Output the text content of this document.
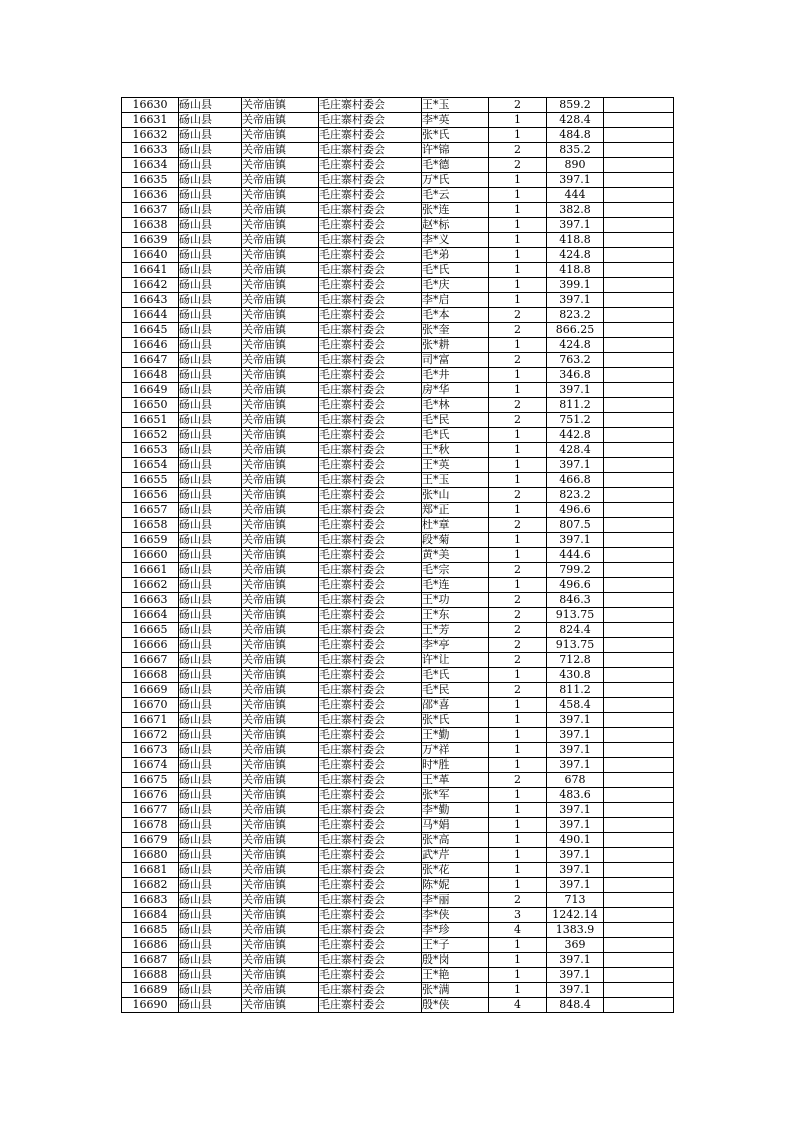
16630	砀山县	关帝庙镇	毛庄寨村委会	王*玉	2	859.2	
16631	砀山县	关帝庙镇	毛庄寨村委会	李*英	1	428.4	
16632	砀山县	关帝庙镇	毛庄寨村委会	张*氏	1	484.8	
16633	砀山县	关帝庙镇	毛庄寨村委会	许*锦	2	835.2	
16634	砀山县	关帝庙镇	毛庄寨村委会	毛*德	2	890	
16635	砀山县	关帝庙镇	毛庄寨村委会	万*氏	1	397.1	
16636	砀山县	关帝庙镇	毛庄寨村委会	毛*云	1	444	
16637	砀山县	关帝庙镇	毛庄寨村委会	张*连	1	382.8	
16638	砀山县	关帝庙镇	毛庄寨村委会	赵*标	1	397.1	
16639	砀山县	关帝庙镇	毛庄寨村委会	李*义	1	418.8	
16640	砀山县	关帝庙镇	毛庄寨村委会	毛*弟	1	424.8	
16641	砀山县	关帝庙镇	毛庄寨村委会	毛*氏	1	418.8	
16642	砀山县	关帝庙镇	毛庄寨村委会	毛*庆	1	399.1	
16643	砀山县	关帝庙镇	毛庄寨村委会	李*启	1	397.1	
16644	砀山县	关帝庙镇	毛庄寨村委会	毛*本	2	823.2	
16645	砀山县	关帝庙镇	毛庄寨村委会	张*奎	2	866.25	
16646	砀山县	关帝庙镇	毛庄寨村委会	张*耕	1	424.8	
16647	砀山县	关帝庙镇	毛庄寨村委会	司*富	2	763.2	
16648	砀山县	关帝庙镇	毛庄寨村委会	毛*井	1	346.8	
16649	砀山县	关帝庙镇	毛庄寨村委会	房*华	1	397.1	
16650	砀山县	关帝庙镇	毛庄寨村委会	毛*林	2	811.2	
16651	砀山县	关帝庙镇	毛庄寨村委会	毛*民	2	751.2	
16652	砀山县	关帝庙镇	毛庄寨村委会	毛*氏	1	442.8	
16653	砀山县	关帝庙镇	毛庄寨村委会	王*秋	1	428.4	
16654	砀山县	关帝庙镇	毛庄寨村委会	王*英	1	397.1	
16655	砀山县	关帝庙镇	毛庄寨村委会	王*玉	1	466.8	
16656	砀山县	关帝庙镇	毛庄寨村委会	张*山	2	823.2	
16657	砀山县	关帝庙镇	毛庄寨村委会	郑*正	1	496.6	
16658	砀山县	关帝庙镇	毛庄寨村委会	杜*章	2	807.5	
16659	砀山县	关帝庙镇	毛庄寨村委会	段*菊	1	397.1	
16660	砀山县	关帝庙镇	毛庄寨村委会	黄*美	1	444.6	
16661	砀山县	关帝庙镇	毛庄寨村委会	毛*宗	2	799.2	
16662	砀山县	关帝庙镇	毛庄寨村委会	毛*连	1	496.6	
16663	砀山县	关帝庙镇	毛庄寨村委会	王*功	2	846.3	
16664	砀山县	关帝庙镇	毛庄寨村委会	王*东	2	913.75	
16665	砀山县	关帝庙镇	毛庄寨村委会	王*芳	2	824.4	
16666	砀山县	关帝庙镇	毛庄寨村委会	李*亭	2	913.75	
16667	砀山县	关帝庙镇	毛庄寨村委会	许*让	2	712.8	
16668	砀山县	关帝庙镇	毛庄寨村委会	毛*氏	1	430.8	
16669	砀山县	关帝庙镇	毛庄寨村委会	毛*民	2	811.2	
16670	砀山县	关帝庙镇	毛庄寨村委会	邵*喜	1	458.4	
16671	砀山县	关帝庙镇	毛庄寨村委会	张*氏	1	397.1	
16672	砀山县	关帝庙镇	毛庄寨村委会	王*勤	1	397.1	
16673	砀山县	关帝庙镇	毛庄寨村委会	万*祥	1	397.1	
16674	砀山县	关帝庙镇	毛庄寨村委会	时*胜	1	397.1	
16675	砀山县	关帝庙镇	毛庄寨村委会	王*革	2	678	
16676	砀山县	关帝庙镇	毛庄寨村委会	张*军	1	483.6	
16677	砀山县	关帝庙镇	毛庄寨村委会	李*勤	1	397.1	
16678	砀山县	关帝庙镇	毛庄寨村委会	马*娟	1	397.1	
16679	砀山县	关帝庙镇	毛庄寨村委会	张*高	1	490.1	
16680	砀山县	关帝庙镇	毛庄寨村委会	武*芹	1	397.1	
16681	砀山县	关帝庙镇	毛庄寨村委会	张*花	1	397.1	
16682	砀山县	关帝庙镇	毛庄寨村委会	陈*妮	1	397.1	
16683	砀山县	关帝庙镇	毛庄寨村委会	李*丽	2	713	
16684	砀山县	关帝庙镇	毛庄寨村委会	李*侠	3	1242.14	
16685	砀山县	关帝庙镇	毛庄寨村委会	李*珍	4	1383.9	
16686	砀山县	关帝庙镇	毛庄寨村委会	王*子	1	369	
16687	砀山县	关帝庙镇	毛庄寨村委会	殷*岗	1	397.1	
16688	砀山县	关帝庙镇	毛庄寨村委会	王*艳	1	397.1	
16689	砀山县	关帝庙镇	毛庄寨村委会	张*满	1	397.1	
16690	砀山县	关帝庙镇	毛庄寨村委会	殷*侠	4	848.4	
